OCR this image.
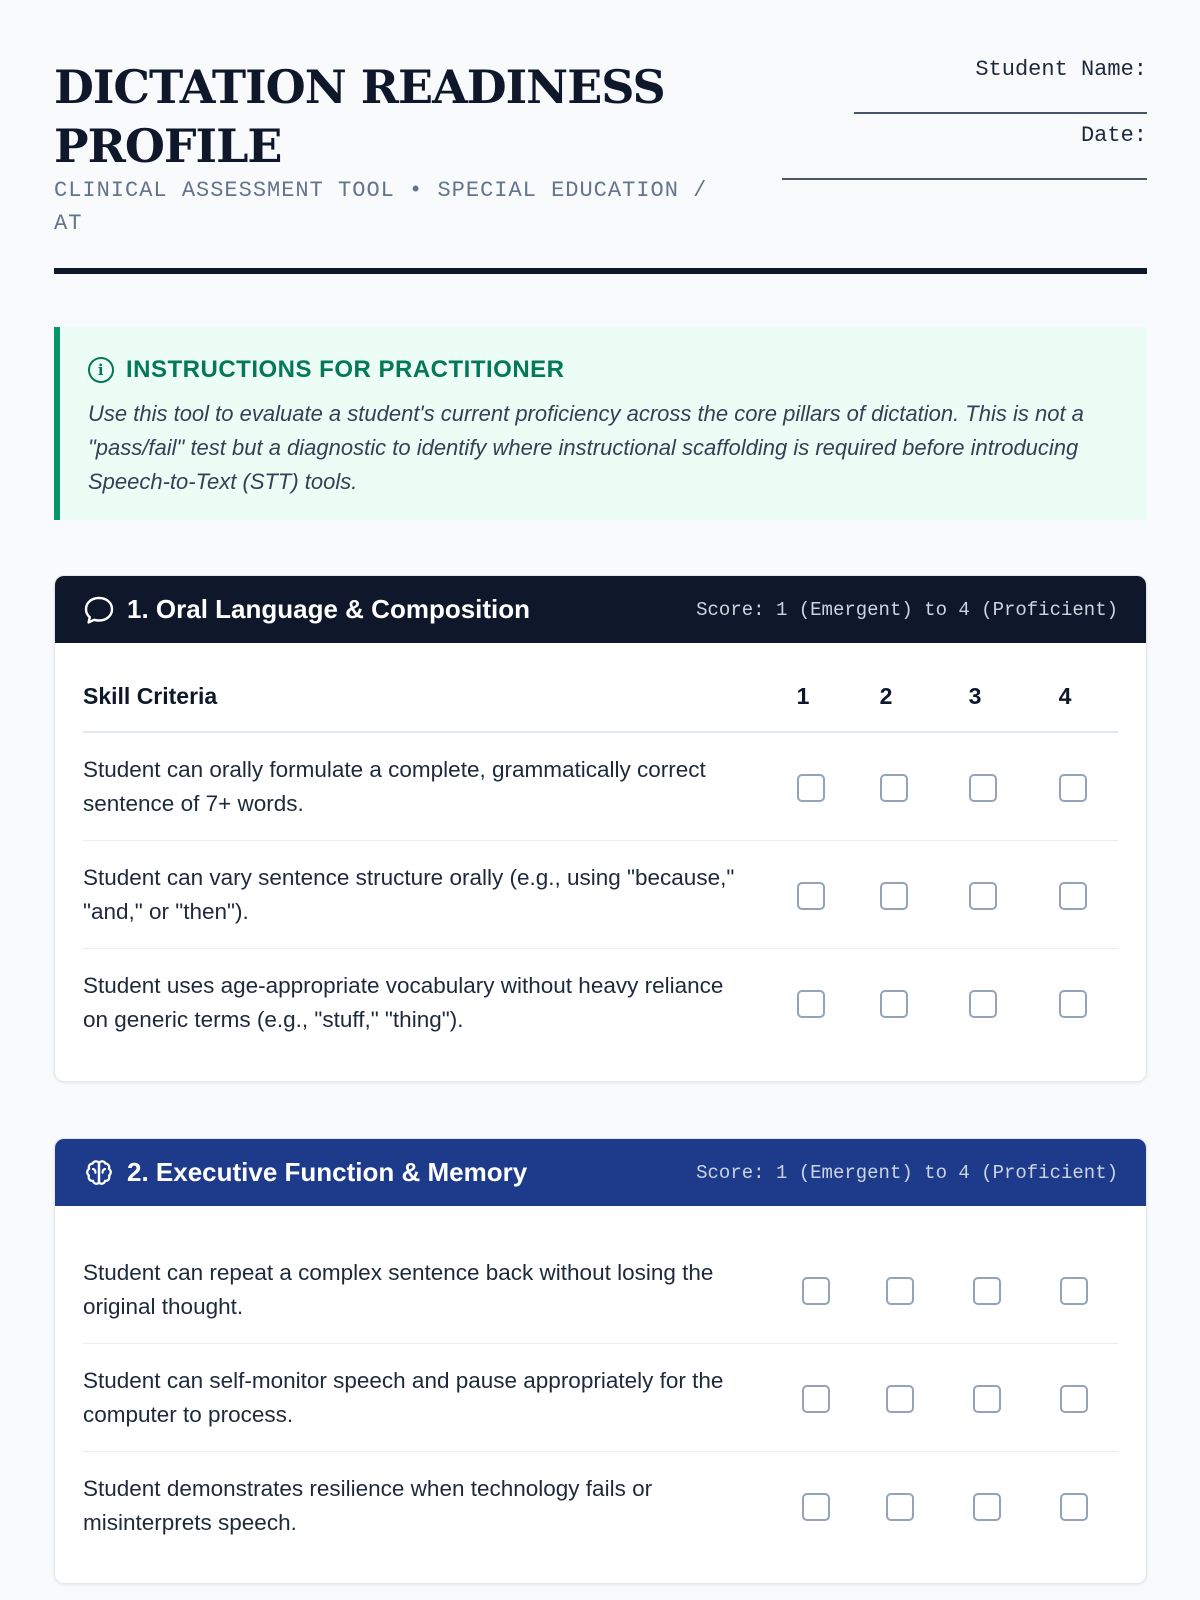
DICTATION READINESS PROFILE
CLINICAL ASSESSMENT TOOL • SPECIAL EDUCATION / AT
Student Name:
Date:
i INSTRUCTIONS FOR PRACTITIONER
Use this tool to evaluate a student's current proficiency across the core pillars of dictation. This is not a "pass/fail" test but a diagnostic to identify where instructional scaffolding is required before introducing Speech-to-Text (STT) tools.
1. Oral Language & Composition	Score: 1 (Emergent) to 4 (Proficient)
Skill Criteria	1	2	3	4
Student can orally formulate a complete, grammatically correct sentence of 7+ words.
Student can vary sentence structure orally (e.g., using "because," "and," or "then").
Student uses age-appropriate vocabulary without heavy reliance on generic terms (e.g., "stuff," "thing").
2. Executive Function & Memory	Score: 1 (Emergent) to 4 (Proficient)
Student can repeat a complex sentence back without losing the original thought.
Student can self-monitor speech and pause appropriately for the computer to process.
Student demonstrates resilience when technology fails or misinterprets speech.
